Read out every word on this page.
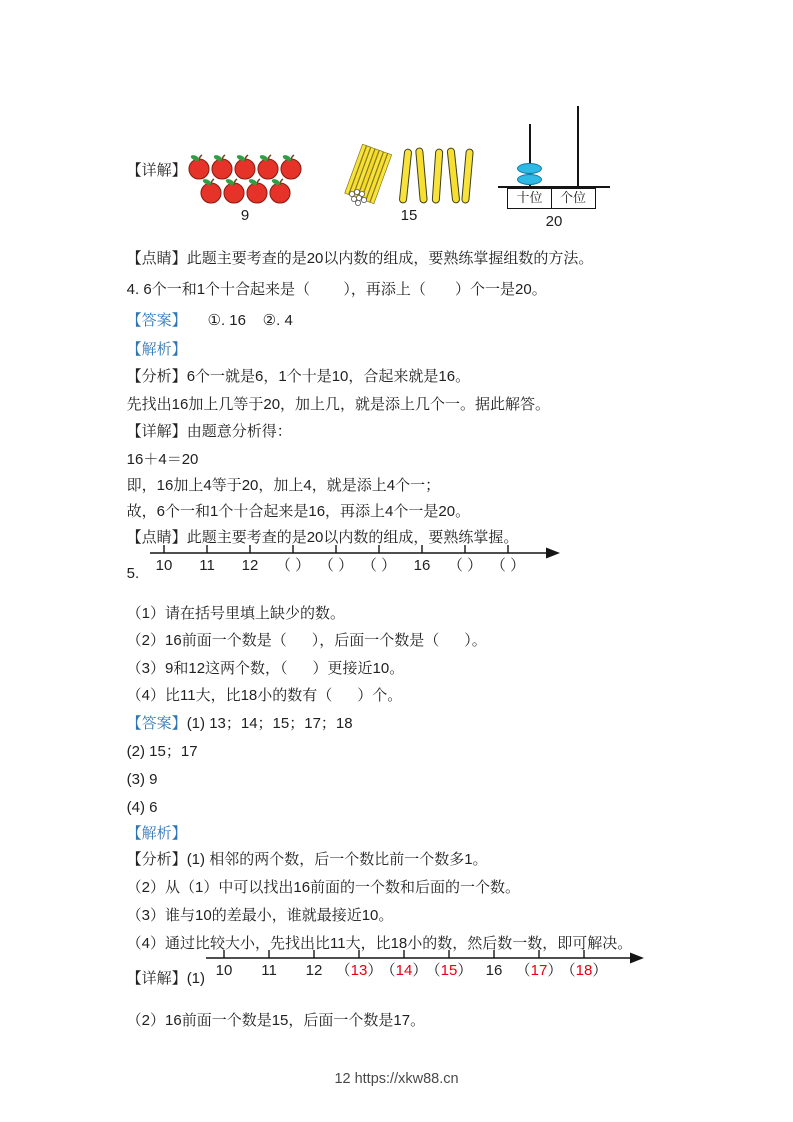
【详解】

9	15
十位	个位
20

【点睛】此题主要考查的是20以内数的组成，要熟练掌握组数的方法。

4. 6个一和1个十合起来是（        ），再添上（       ）个一是20。

【答案】     ①. 16    ②. 4

【解析】

【分析】6个一就是6，1个十是10，合起来就是16。

先找出16加上几等于20，加上几，就是添上几个一。据此解答。

【详解】由题意分析得：

16＋4＝20

即，16加上4等于20，加上4，就是添上4个一；

故，6个一和1个十合起来是16，再添上4个一是20。

【点睛】此题主要考查的是20以内数的组成，要熟练掌握。

5.
10 11 12 （ ） （ ） （ ） 16 （ ） （ ）

（1）请在括号里填上缺少的数。

（2）16前面一个数是（      ），后面一个数是（      ）。

（3）9和12这两个数，（      ）更接近10。

（4）比11大，比18小的数有（      ）个。

【答案】(1) 13；14；15；17；18

(2) 15；17

(3) 9

(4) 6

【解析】

【分析】(1) 相邻的两个数，后一个数比前一个数多1。

（2）从（1）中可以找出16前面的一个数和后面的一个数。

（3）谁与10的差最小，谁就最接近10。

（4）通过比较大小，先找出比11大，比18小的数，然后数一数，即可解决。

【详解】(1)
10 11 12 （13）
（14）
（15） 16 （17）
（18）

（2）16前面一个数是15，后面一个数是17。

12 https://xkw88.cn
